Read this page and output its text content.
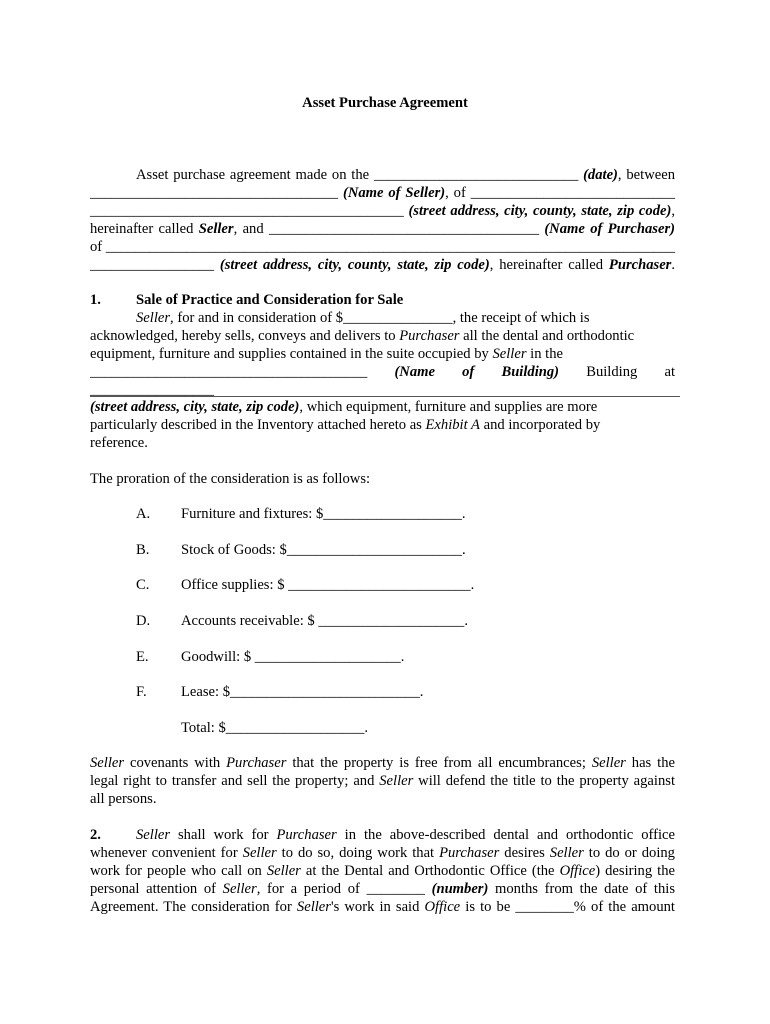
Asset Purchase Agreement
Asset purchase agreement made on the ____________________________ (date), between
__________________________________ (Name of Seller), of ____________________________
___________________________________________ (street address, city, county, state, zip code),
hereinafter called Seller, and _____________________________________ (Name of Purchaser)
of ______________________________________________________________________________
_________________ (street address, city, county, state, zip code), hereinafter called Purchaser.
1. Sale of Practice and Consideration for Sale
Seller, for and in consideration of $_______________, the receipt of which is
acknowledged, hereby sells, conveys and delivers to Purchaser all the dental and orthodontic
equipment, furniture and supplies contained in the suite occupied by Seller in the
______________________________________ (Name of Building) Building at _________________
(street address, city, state, zip code), which equipment, furniture and supplies are more
particularly described in the Inventory attached hereto as Exhibit A and incorporated by
reference.
The proration of the consideration is as follows:
A. Furniture and fixtures: $___________________.
B. Stock of Goods: $________________________.
C. Office supplies: $ _________________________.
D. Accounts receivable: $ ____________________.
E. Goodwill: $ ____________________.
F. Lease: $__________________________.
Total: $___________________.
Seller covenants with Purchaser that the property is free from all encumbrances; Seller has the
legal right to transfer and sell the property; and Seller will defend the title to the property against
all persons.
2. Seller shall work for Purchaser in the above-described dental and orthodontic office
whenever convenient for Seller to do so, doing work that Purchaser desires Seller to do or doing
work for people who call on Seller at the Dental and Orthodontic Office (the Office) desiring the
personal attention of Seller, for a period of ________ (number) months from the date of this
Agreement. The consideration for Seller's work in said Office is to be ________% of the amount
